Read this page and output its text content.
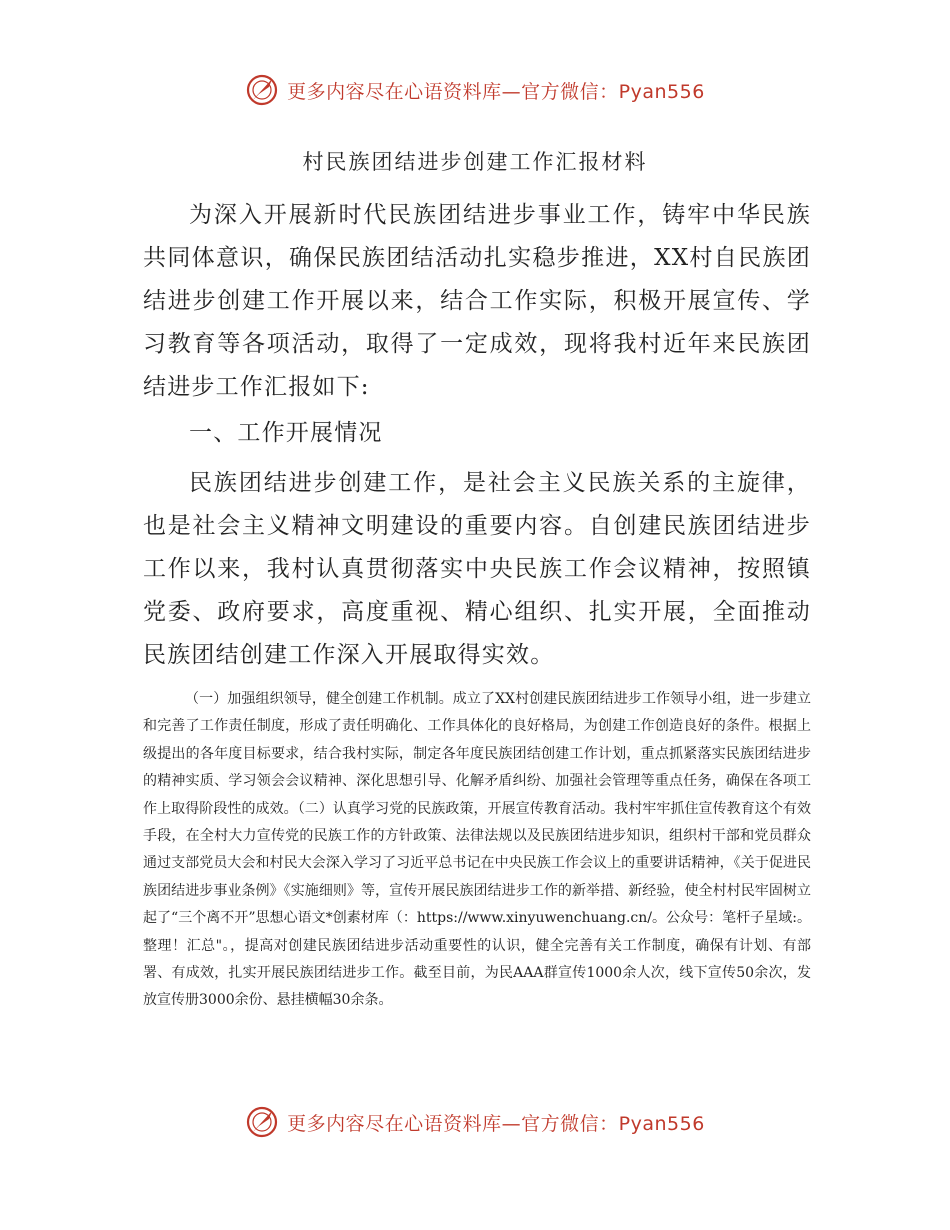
更多内容尽在心语资料库—官方微信：Pyan556
村民族团结进步创建工作汇报材料

为深入开展新时代民族团结进步事业工作，铸牢中华民族共同体意识，确保民族团结活动扎实稳步推进，XX村自民族团结进步创建工作开展以来，结合工作实际，积极开展宣传、学习教育等各项活动，取得了一定成效，现将我村近年来民族团结进步工作汇报如下:

一、工作开展情况

民族团结进步创建工作，是社会主义民族关系的主旋律，也是社会主义精神文明建设的重要内容。自创建民族团结进步工作以来，我村认真贯彻落实中央民族工作会议精神，按照镇党委、政府要求，高度重视、精心组织、扎实开展，全面推动民族团结创建工作深入开展取得实效。

（一）加强组织领导，健全创建工作机制。成立了XX村创建民族团结进步工作领导小组，进一步建立和完善了工作责任制度，形成了责任明确化、工作具体化的良好格局，为创建工作创造良好的条件。根据上级提出的各年度目标要求，结合我村实际，制定各年度民族团结创建工作计划，重点抓紧落实民族团结进步的精神实质、学习领会会议精神、深化思想引导、化解矛盾纠纷、加强社会管理等重点任务，确保在各项工作上取得阶段性的成效。（二）认真学习党的民族政策，开展宣传教育活动。我村牢牢抓住宣传教育这个有效手段，在全村大力宣传党的民族工作的方针政策、法律法规以及民族团结进步知识，组织村干部和党员群众通过支部党员大会和村民大会深入学习了习近平总书记在中央民族工作会议上的重要讲话精神，《关于促进民族团结进步事业条例》《实施细则》等，宣传开展民族团结进步工作的新举措、新经验，使全村村民牢固树立起了“三个离不开”思想心语文*创素材库（：https://www.xinyuwenchuang.cn/。公众号：笔杆子星域:。整理！汇总"。，提高对创建民族团结进步活动重要性的认识，健全完善有关工作制度，确保有计划、有部署、有成效，扎实开展民族团结进步工作。截至目前，为民AAA群宣传1000余人次，线下宣传50余次，发放宣传册3000余份、悬挂横幅30余条。

更多内容尽在心语资料库—官方微信：Pyan556
